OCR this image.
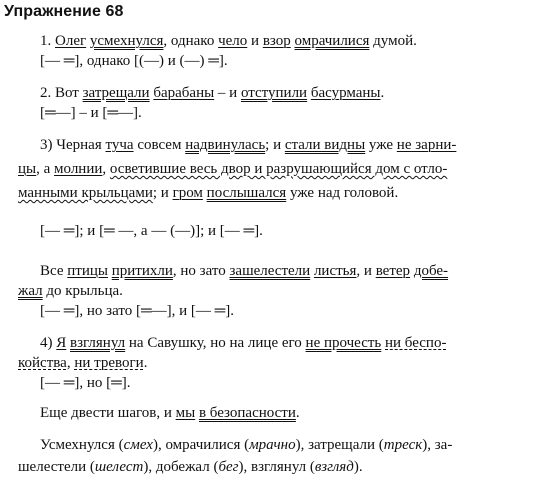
Упражнение 68
1. Олег усмехнулся, однако чело и взор омрачилися думой.
[— ═], однако [(—) и (—) ═].
2. Вот затрещали барабаны – и отступили басурманы.
[═—] – и [═—].
3) Черная туча совсем надвинулась; и стали видны уже не зарни-
цы, а молнии, осветившие весь двор и разрушающийся дом с отло-
манными крыльцами; и гром послышался уже над головой.
[— ═]; и [═ —, а — (—)]; и [— ═].
Все птицы притихли, но зато зашелестели листья, и ветер добе-
жал до крыльца.
[— ═], но зато [═—], и [— ═].
4) Я взглянул на Савушку, но на лице его не прочесть ни беспо-
койства, ни тревоги.
[— ═], но [═].
Еще двести шагов, и мы в безопасности.
Усмехнулся (смех), омрачилися (мрачно), затрещали (треск), за-
шелестели (шелест), добежал (бег), взглянул (взгляд).
